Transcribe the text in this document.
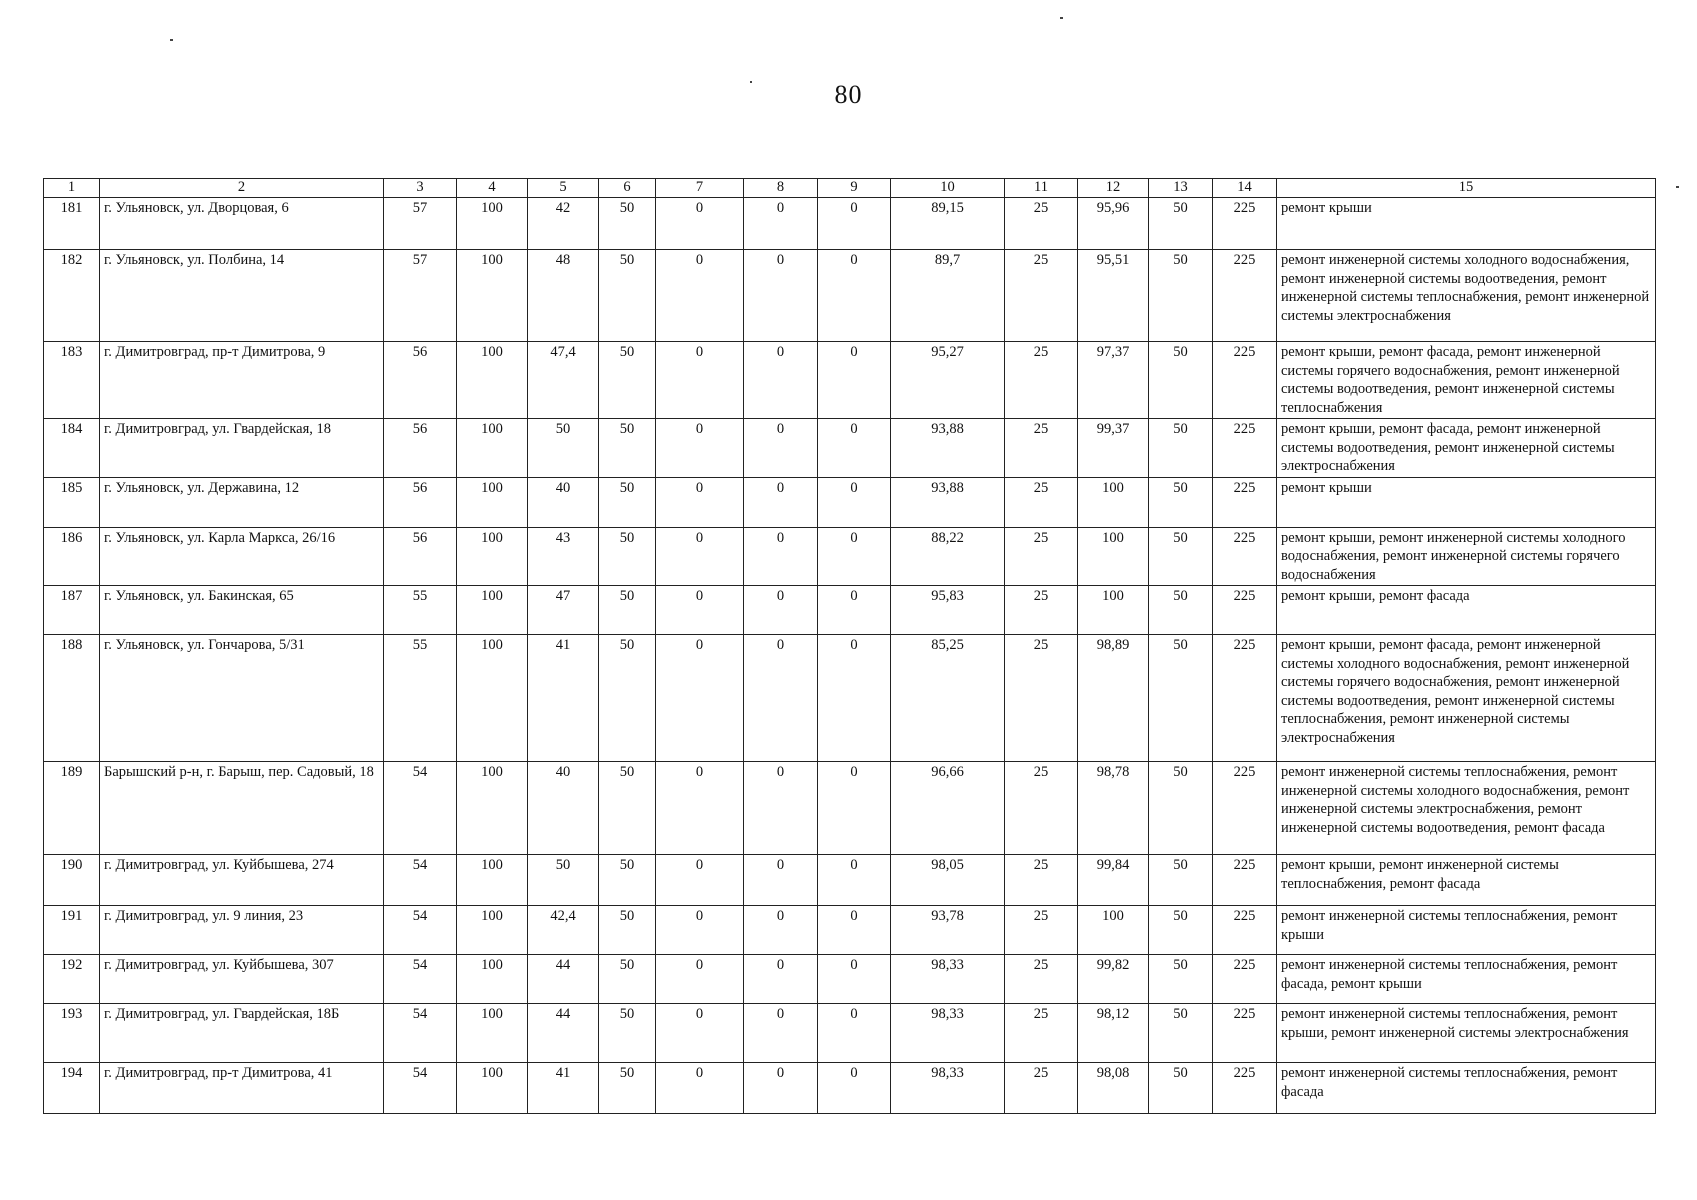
80
1	2	3	4	5	6	7	8	9	10	11	12	13	14	15
181	г. Ульяновск, ул. Дворцовая, 6	57	100	42	50	0	0	0	89,15	25	95,96	50	225	ремонт крыши
182	г. Ульяновск, ул. Полбина, 14	57	100	48	50	0	0	0	89,7	25	95,51	50	225	ремонт инженерной системы холодного водоснабжения, ремонт инженерной системы водоотведения, ремонт инженерной системы теплоснабжения, ремонт инженерной системы электроснабжения
183	г. Димитровград, пр-т Димитрова, 9	56	100	47,4	50	0	0	0	95,27	25	97,37	50	225	ремонт крыши, ремонт фасада, ремонт инженерной системы горячего водоснабжения, ремонт инженерной системы водоотведения, ремонт инженерной системы теплоснабжения
184	г. Димитровград, ул. Гвардейская, 18	56	100	50	50	0	0	0	93,88	25	99,37	50	225	ремонт крыши, ремонт фасада, ремонт инженерной системы водоотведения, ремонт инженерной системы электроснабжения
185	г. Ульяновск, ул. Державина, 12	56	100	40	50	0	0	0	93,88	25	100	50	225	ремонт крыши
186	г. Ульяновск, ул. Карла Маркса, 26/16	56	100	43	50	0	0	0	88,22	25	100	50	225	ремонт крыши, ремонт инженерной системы холодного водоснабжения, ремонт инженерной системы горячего водоснабжения
187	г. Ульяновск, ул. Бакинская, 65	55	100	47	50	0	0	0	95,83	25	100	50	225	ремонт крыши, ремонт фасада
188	г. Ульяновск, ул. Гончарова, 5/31	55	100	41	50	0	0	0	85,25	25	98,89	50	225	ремонт крыши, ремонт фасада, ремонт инженерной системы холодного водоснабжения, ремонт инженерной системы горячего водоснабжения, ремонт инженерной системы водоотведения, ремонт инженерной системы теплоснабжения, ремонт инженерной системы электроснабжения
189	Барышский р-н, г. Барыш, пер. Садовый, 18	54	100	40	50	0	0	0	96,66	25	98,78	50	225	ремонт инженерной системы теплоснабжения, ремонт инженерной системы холодного водоснабжения, ремонт инженерной системы электроснабжения, ремонт инженерной системы водоотведения, ремонт фасада
190	г. Димитровград, ул. Куйбышева, 274	54	100	50	50	0	0	0	98,05	25	99,84	50	225	ремонт крыши, ремонт инженерной системы теплоснабжения, ремонт фасада
191	г. Димитровград, ул. 9 линия, 23	54	100	42,4	50	0	0	0	93,78	25	100	50	225	ремонт инженерной системы теплоснабжения, ремонт крыши
192	г. Димитровград, ул. Куйбышева, 307	54	100	44	50	0	0	0	98,33	25	99,82	50	225	ремонт инженерной системы теплоснабжения, ремонт фасада, ремонт крыши
193	г. Димитровград, ул. Гвардейская, 18Б	54	100	44	50	0	0	0	98,33	25	98,12	50	225	ремонт инженерной системы теплоснабжения, ремонт крыши, ремонт инженерной системы электроснабжения
194	г. Димитровград, пр-т Димитрова, 41	54	100	41	50	0	0	0	98,33	25	98,08	50	225	ремонт инженерной системы теплоснабжения, ремонт фасада
